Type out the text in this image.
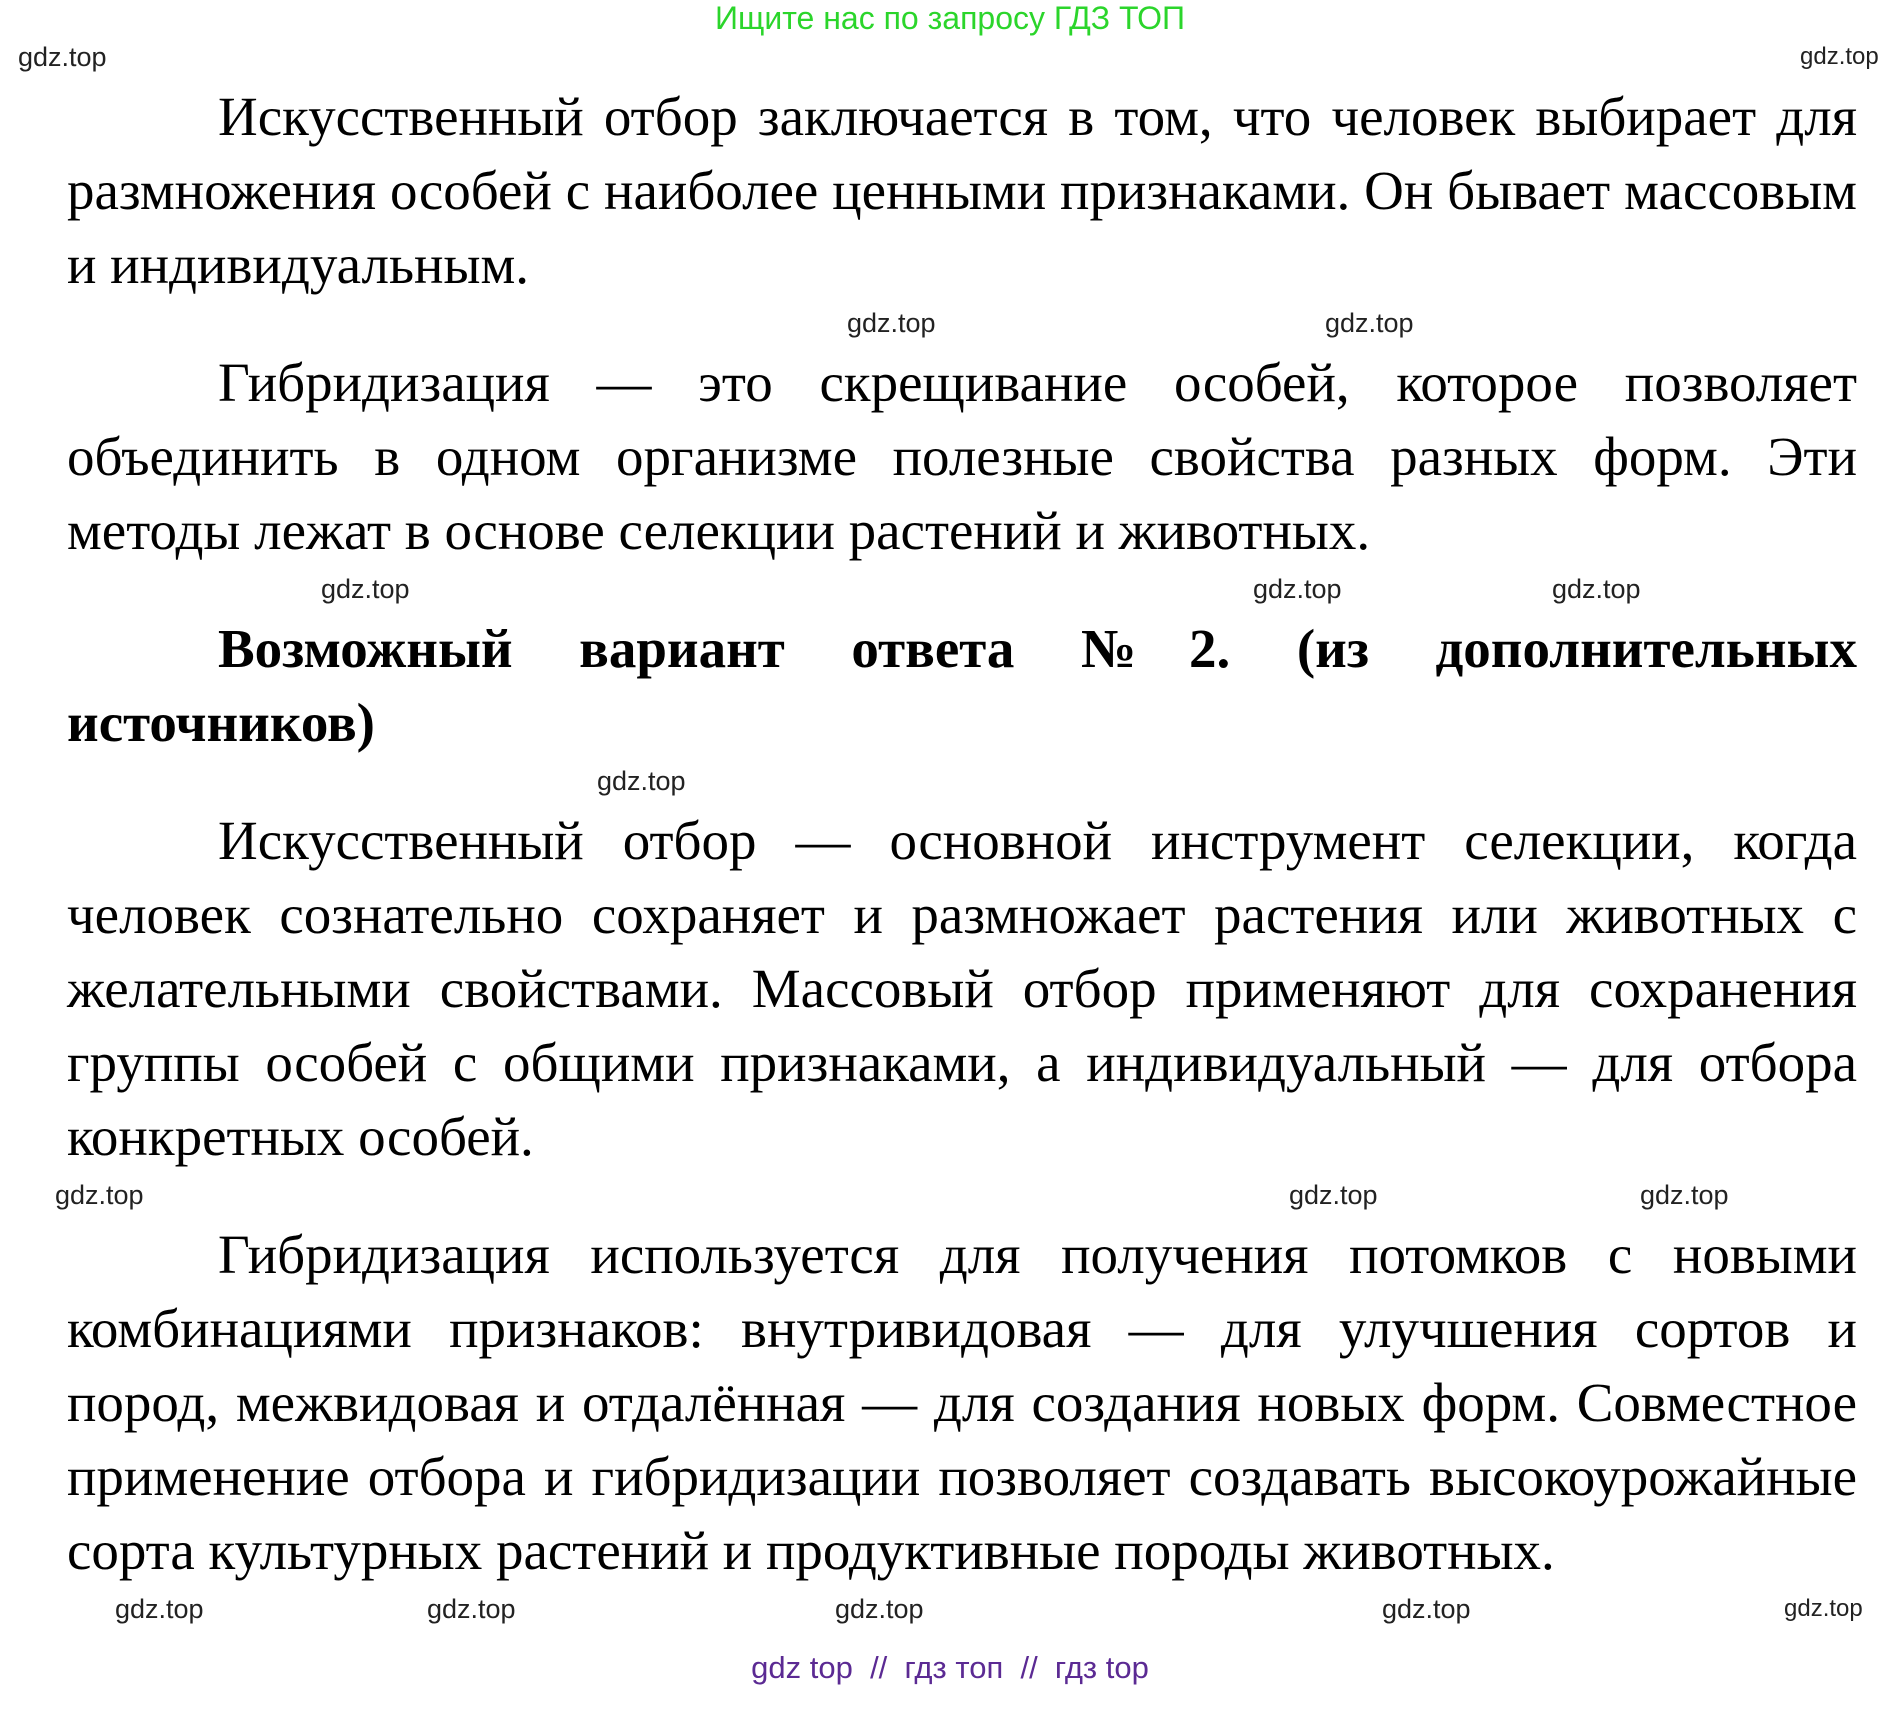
Ищите нас по запросу ГДЗ ТОП
gdz.top	gdz.top

Искусственный отбор заключается в том, что человек выбирает для размножения особей с наиболее ценными признаками. Он бывает массовым и индивидуальным.

gdz.top	gdz.top

Гибридизация — это скрещивание особей, которое позволяет объединить в одном организме полезные свойства разных форм. Эти методы лежат в основе селекции растений и животных.

gdz.top	gdz.top	gdz.top

Возможный вариант ответа №2. (из дополнительных источников)

gdz.top

Искусственный отбор — основной инструмент селекции, когда человек сознательно сохраняет и размножает растения или животных с желательными свойствами. Массовый отбор применяют для сохранения группы особей с общими признаками, а индивидуальный — для отбора конкретных особей.

gdz.top	gdz.top	gdz.top

Гибридизация используется для получения потомков с новыми комбинациями признаков: внутривидовая — для улучшения сортов и пород, межвидовая и отдалённая — для создания новых форм. Совместное применение отбора и гибридизации позволяет создавать высокоурожайные сорта культурных растений и продуктивные породы животных.

gdz.top	gdz.top	gdz.top	gdz.top	gdz.top
gdz top  //  гдз топ  //  гдз top
